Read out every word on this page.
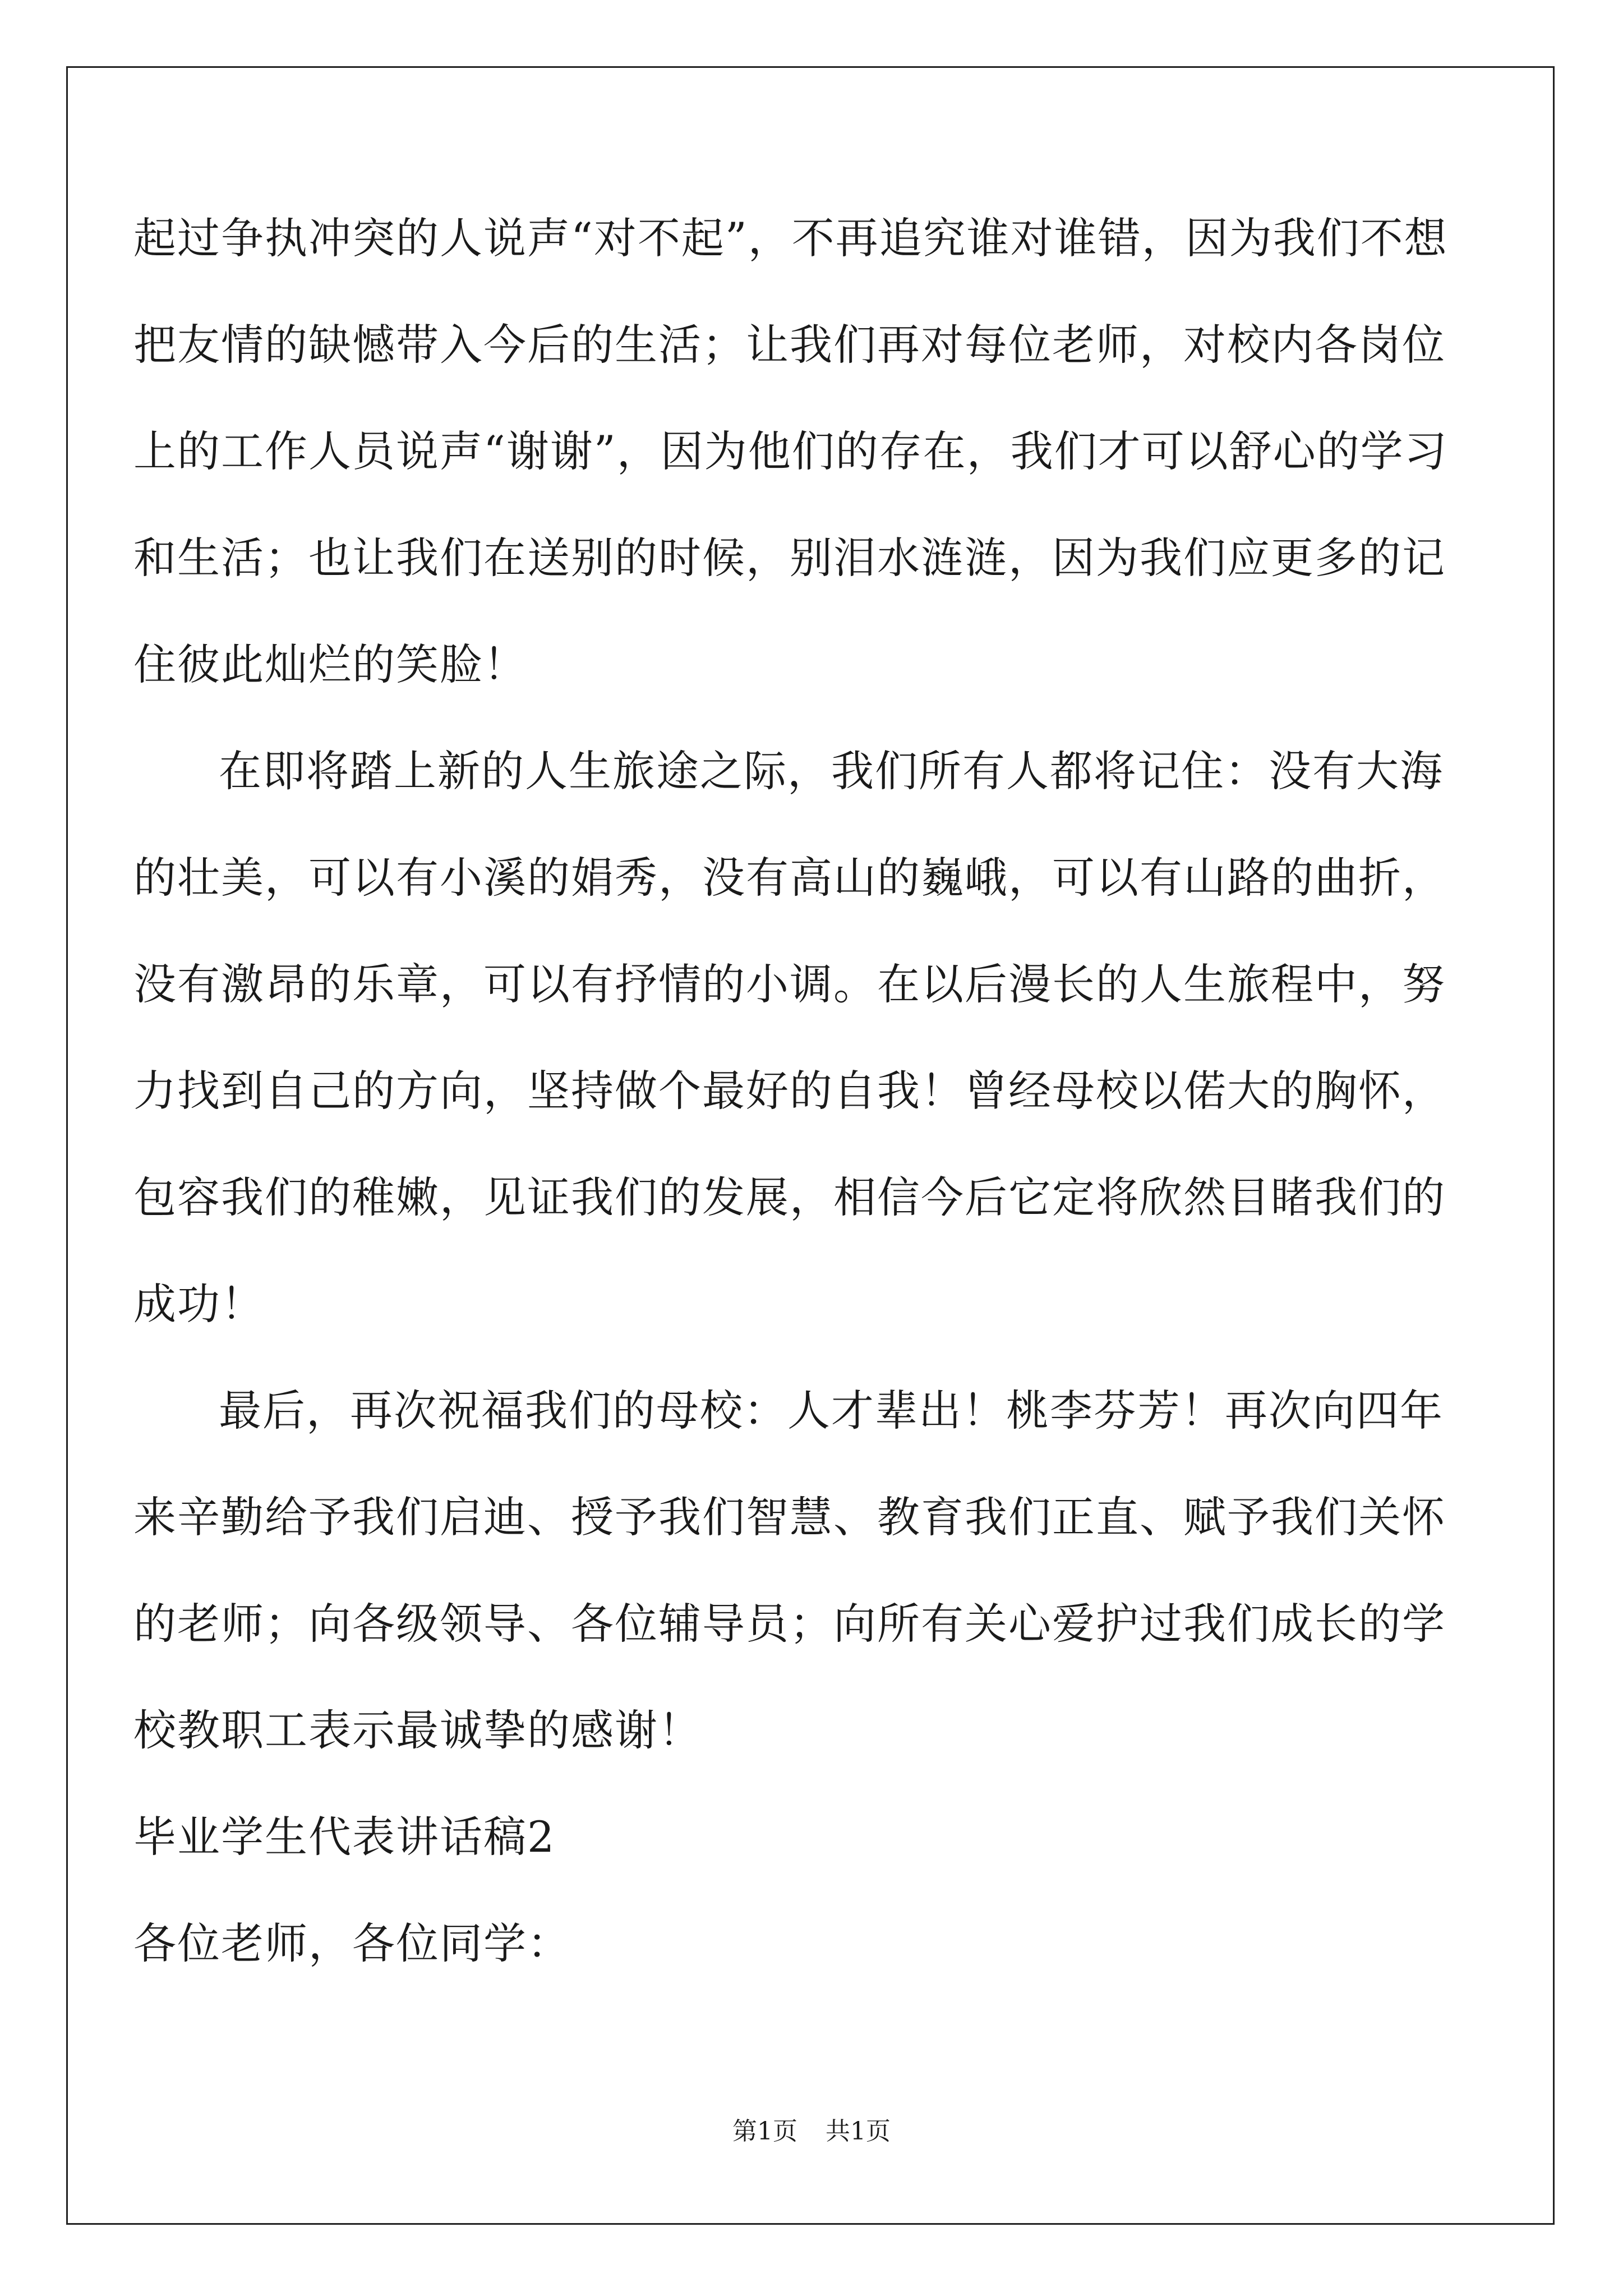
起过争执冲突的人说声“对不起”，不再追究谁对谁错，因为我们不想
把友情的缺憾带入今后的生活；让我们再对每位老师，对校内各岗位
上的工作人员说声“谢谢”，因为他们的存在，我们才可以舒心的学习
和生活；也让我们在送别的时候，别泪水涟涟，因为我们应更多的记
住彼此灿烂的笑脸！
在即将踏上新的人生旅途之际，我们所有人都将记住：没有大海
的壮美，可以有小溪的娟秀，没有高山的巍峨，可以有山路的曲折，
没有激昂的乐章，可以有抒情的小调。在以后漫长的人生旅程中，努
力找到自己的方向，坚持做个最好的自我！曾经母校以偌大的胸怀，
包容我们的稚嫩，见证我们的发展，相信今后它定将欣然目睹我们的
成功！
最后，再次祝福我们的母校：人才辈出！桃李芬芳！再次向四年
来辛勤给予我们启迪、授予我们智慧、教育我们正直、赋予我们关怀
的老师；向各级领导、各位辅导员；向所有关心爱护过我们成长的学
校教职工表示最诚挚的感谢！
毕业学生代表讲话稿2
各位老师，各位同学：
第1页 共1页
